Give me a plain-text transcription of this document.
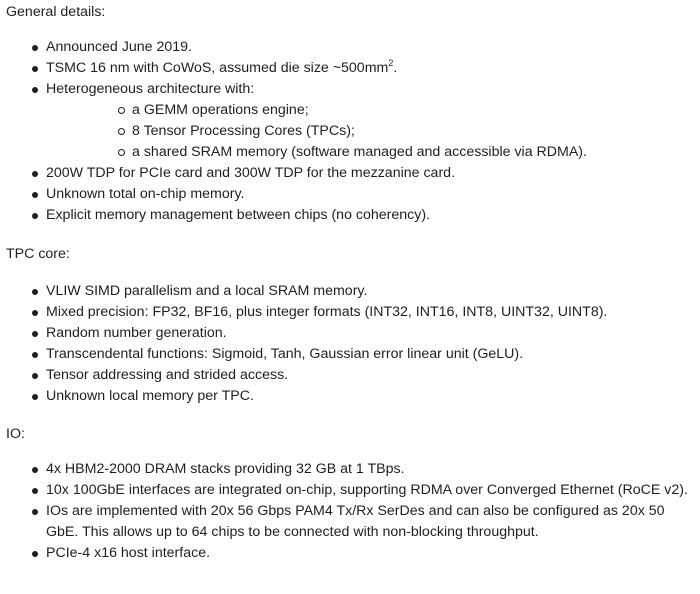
General details:

Announced June 2019.
TSMC 16 nm with CoWoS, assumed die size $\sim 500mm^2$.
Heterogeneous architecture with:
a GEMM operations engine;
8 Tensor Processing Cores (TPCs);
a shared SRAM memory (software managed and accessible via RDMA).
200W TDP for PCIe card and 300W TDP for the mezzanine card.
Unknown total on-chip memory.
Explicit memory management between chips (no coherency).

TPC core:

VLIW SIMD parallelism and a local SRAM memory.
Mixed precision: FP32, BF16, plus integer formats (INT32, INT16, INT8, UINT32, UINT8).
Random number generation.
Transcendental functions: Sigmoid, Tanh, Gaussian error linear unit (GeLU).
Tensor addressing and strided access.
Unknown local memory per TPC.

IO:

4x HBM2-2000 DRAM stacks providing 32 GB at 1 TBps.
10x 100GbE interfaces are integrated on-chip, supporting RDMA over Converged Ethernet (RoCE v2).
IOs are implemented with 20x 56 Gbps PAM4 Tx/Rx SerDes and can also be configured as 20x 50 GbE. This allows up to 64 chips to be connected with non-blocking throughput.
PCIe-4 x16 host interface.
